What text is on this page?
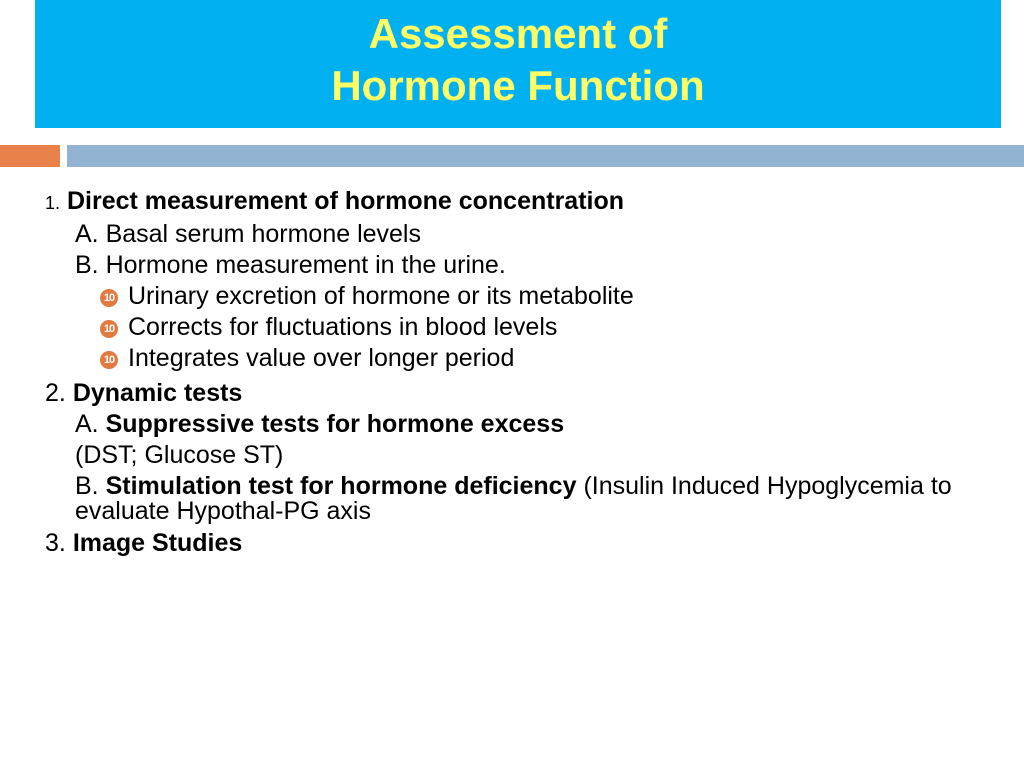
Assessment of
Hormone Function
1. Direct measurement of hormone concentration
A. Basal serum hormone levels
B. Hormone measurement in the urine.
10 Urinary excretion of hormone or its metabolite
10 Corrects for fluctuations in blood levels
10 Integrates value over longer period
2. Dynamic tests
A. Suppressive tests for hormone excess
(DST; Glucose ST)
B. Stimulation test for hormone deficiency (Insulin Induced Hypoglycemia to evaluate Hypothal-PG axis
3. Image Studies
